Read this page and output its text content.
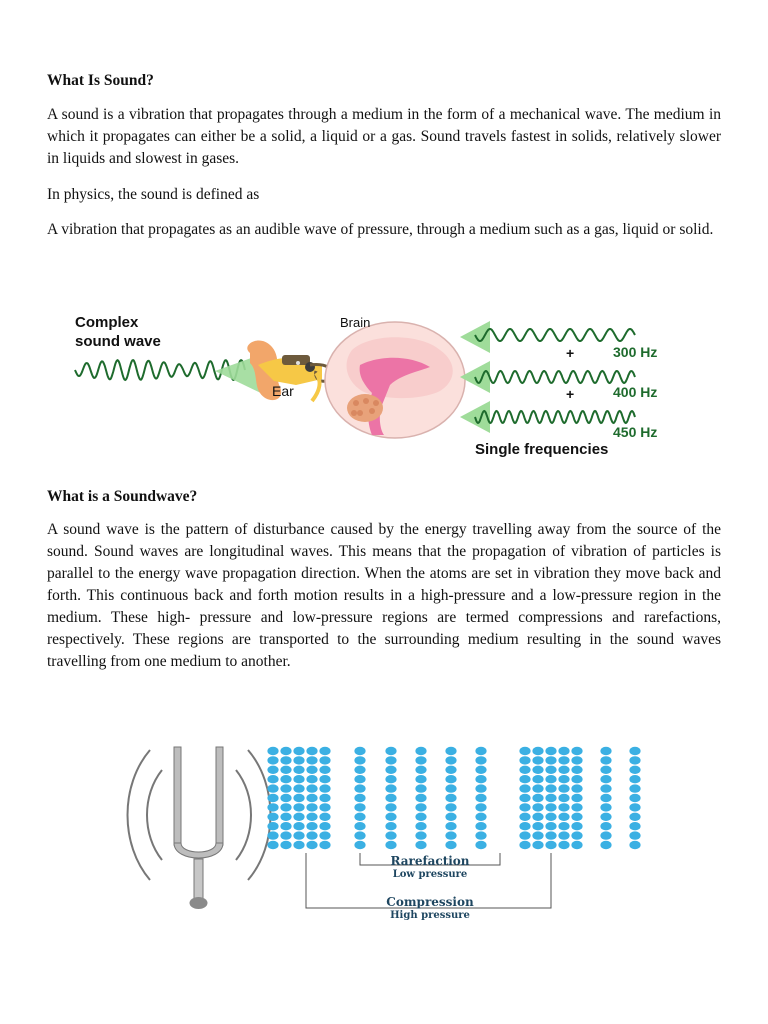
What Is Sound?

A sound is a vibration that propagates through a medium in the form of a mechanical wave. The medium in which it propagates can either be a solid, a liquid or a gas. Sound travels fastest in solids, relatively slower in liquids and slowest in gases.

In physics, the sound is defined as

A vibration that propagates as an audible wave of pressure, through a medium such as a gas, liquid or solid.

Complex
sound wave
Ear
Brain
+
+
300 Hz
400 Hz
450 Hz
Single frequencies
What is a Soundwave?

A sound wave is the pattern of disturbance caused by the energy travelling away from the source of the sound. Sound waves are longitudinal waves. This means that the propagation of vibration of particles is parallel to the energy wave propagation direction. When the atoms are set in vibration they move back and forth. This continuous back and forth motion results in a high-pressure and a low-pressure region in the medium. These high- pressure and low-pressure regions are termed compressions and rarefactions, respectively. These regions are transported to the surrounding medium resulting in the sound waves travelling from one medium to another.

Rarefaction
Low pressure
Compression
High pressure
